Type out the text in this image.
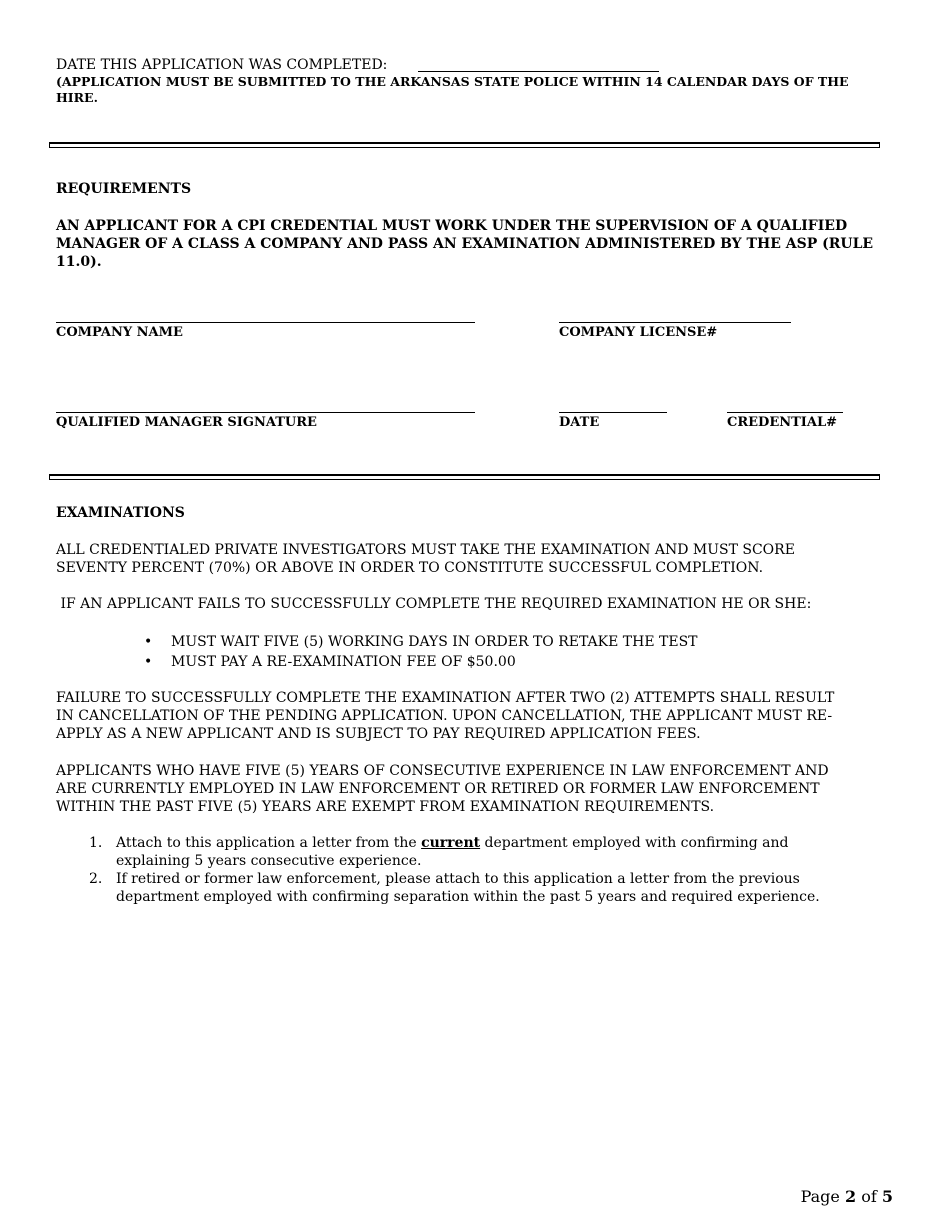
DATE THIS APPLICATION WAS COMPLETED:
(APPLICATION MUST BE SUBMITTED TO THE ARKANSAS STATE POLICE WITHIN 14 CALENDAR DAYS OF THE
HIRE.
REQUIREMENTS
AN APPLICANT FOR A CPI CREDENTIAL MUST WORK UNDER THE SUPERVISION OF A QUALIFIED
MANAGER OF A CLASS A COMPANY AND PASS AN EXAMINATION ADMINISTERED BY THE ASP (RULE
11.0).
COMPANY NAME	COMPANY LICENSE#
QUALIFIED MANAGER SIGNATURE	DATE	CREDENTIAL#
EXAMINATIONS
ALL CREDENTIALED PRIVATE INVESTIGATORS MUST TAKE THE EXAMINATION AND MUST SCORE
SEVENTY PERCENT (70%) OR ABOVE IN ORDER TO CONSTITUTE SUCCESSFUL COMPLETION.
IF AN APPLICANT FAILS TO SUCCESSFULLY COMPLETE THE REQUIRED EXAMINATION HE OR SHE:
• MUST WAIT FIVE (5) WORKING DAYS IN ORDER TO RETAKE THE TEST
• MUST PAY A RE-EXAMINATION FEE OF $50.00
FAILURE TO SUCCESSFULLY COMPLETE THE EXAMINATION AFTER TWO (2) ATTEMPTS SHALL RESULT
IN CANCELLATION OF THE PENDING APPLICATION. UPON CANCELLATION, THE APPLICANT MUST RE-
APPLY AS A NEW APPLICANT AND IS SUBJECT TO PAY REQUIRED APPLICATION FEES.
APPLICANTS WHO HAVE FIVE (5) YEARS OF CONSECUTIVE EXPERIENCE IN LAW ENFORCEMENT AND
ARE CURRENTLY EMPLOYED IN LAW ENFORCEMENT OR RETIRED OR FORMER LAW ENFORCEMENT
WITHIN THE PAST FIVE (5) YEARS ARE EXEMPT FROM EXAMINATION REQUIREMENTS.
1. Attach to this application a letter from the current department employed with confirming and
explaining 5 years consecutive experience.
2. If retired or former law enforcement, please attach to this application a letter from the previous
department employed with confirming separation within the past 5 years and required experience.
Page 2 of 5
